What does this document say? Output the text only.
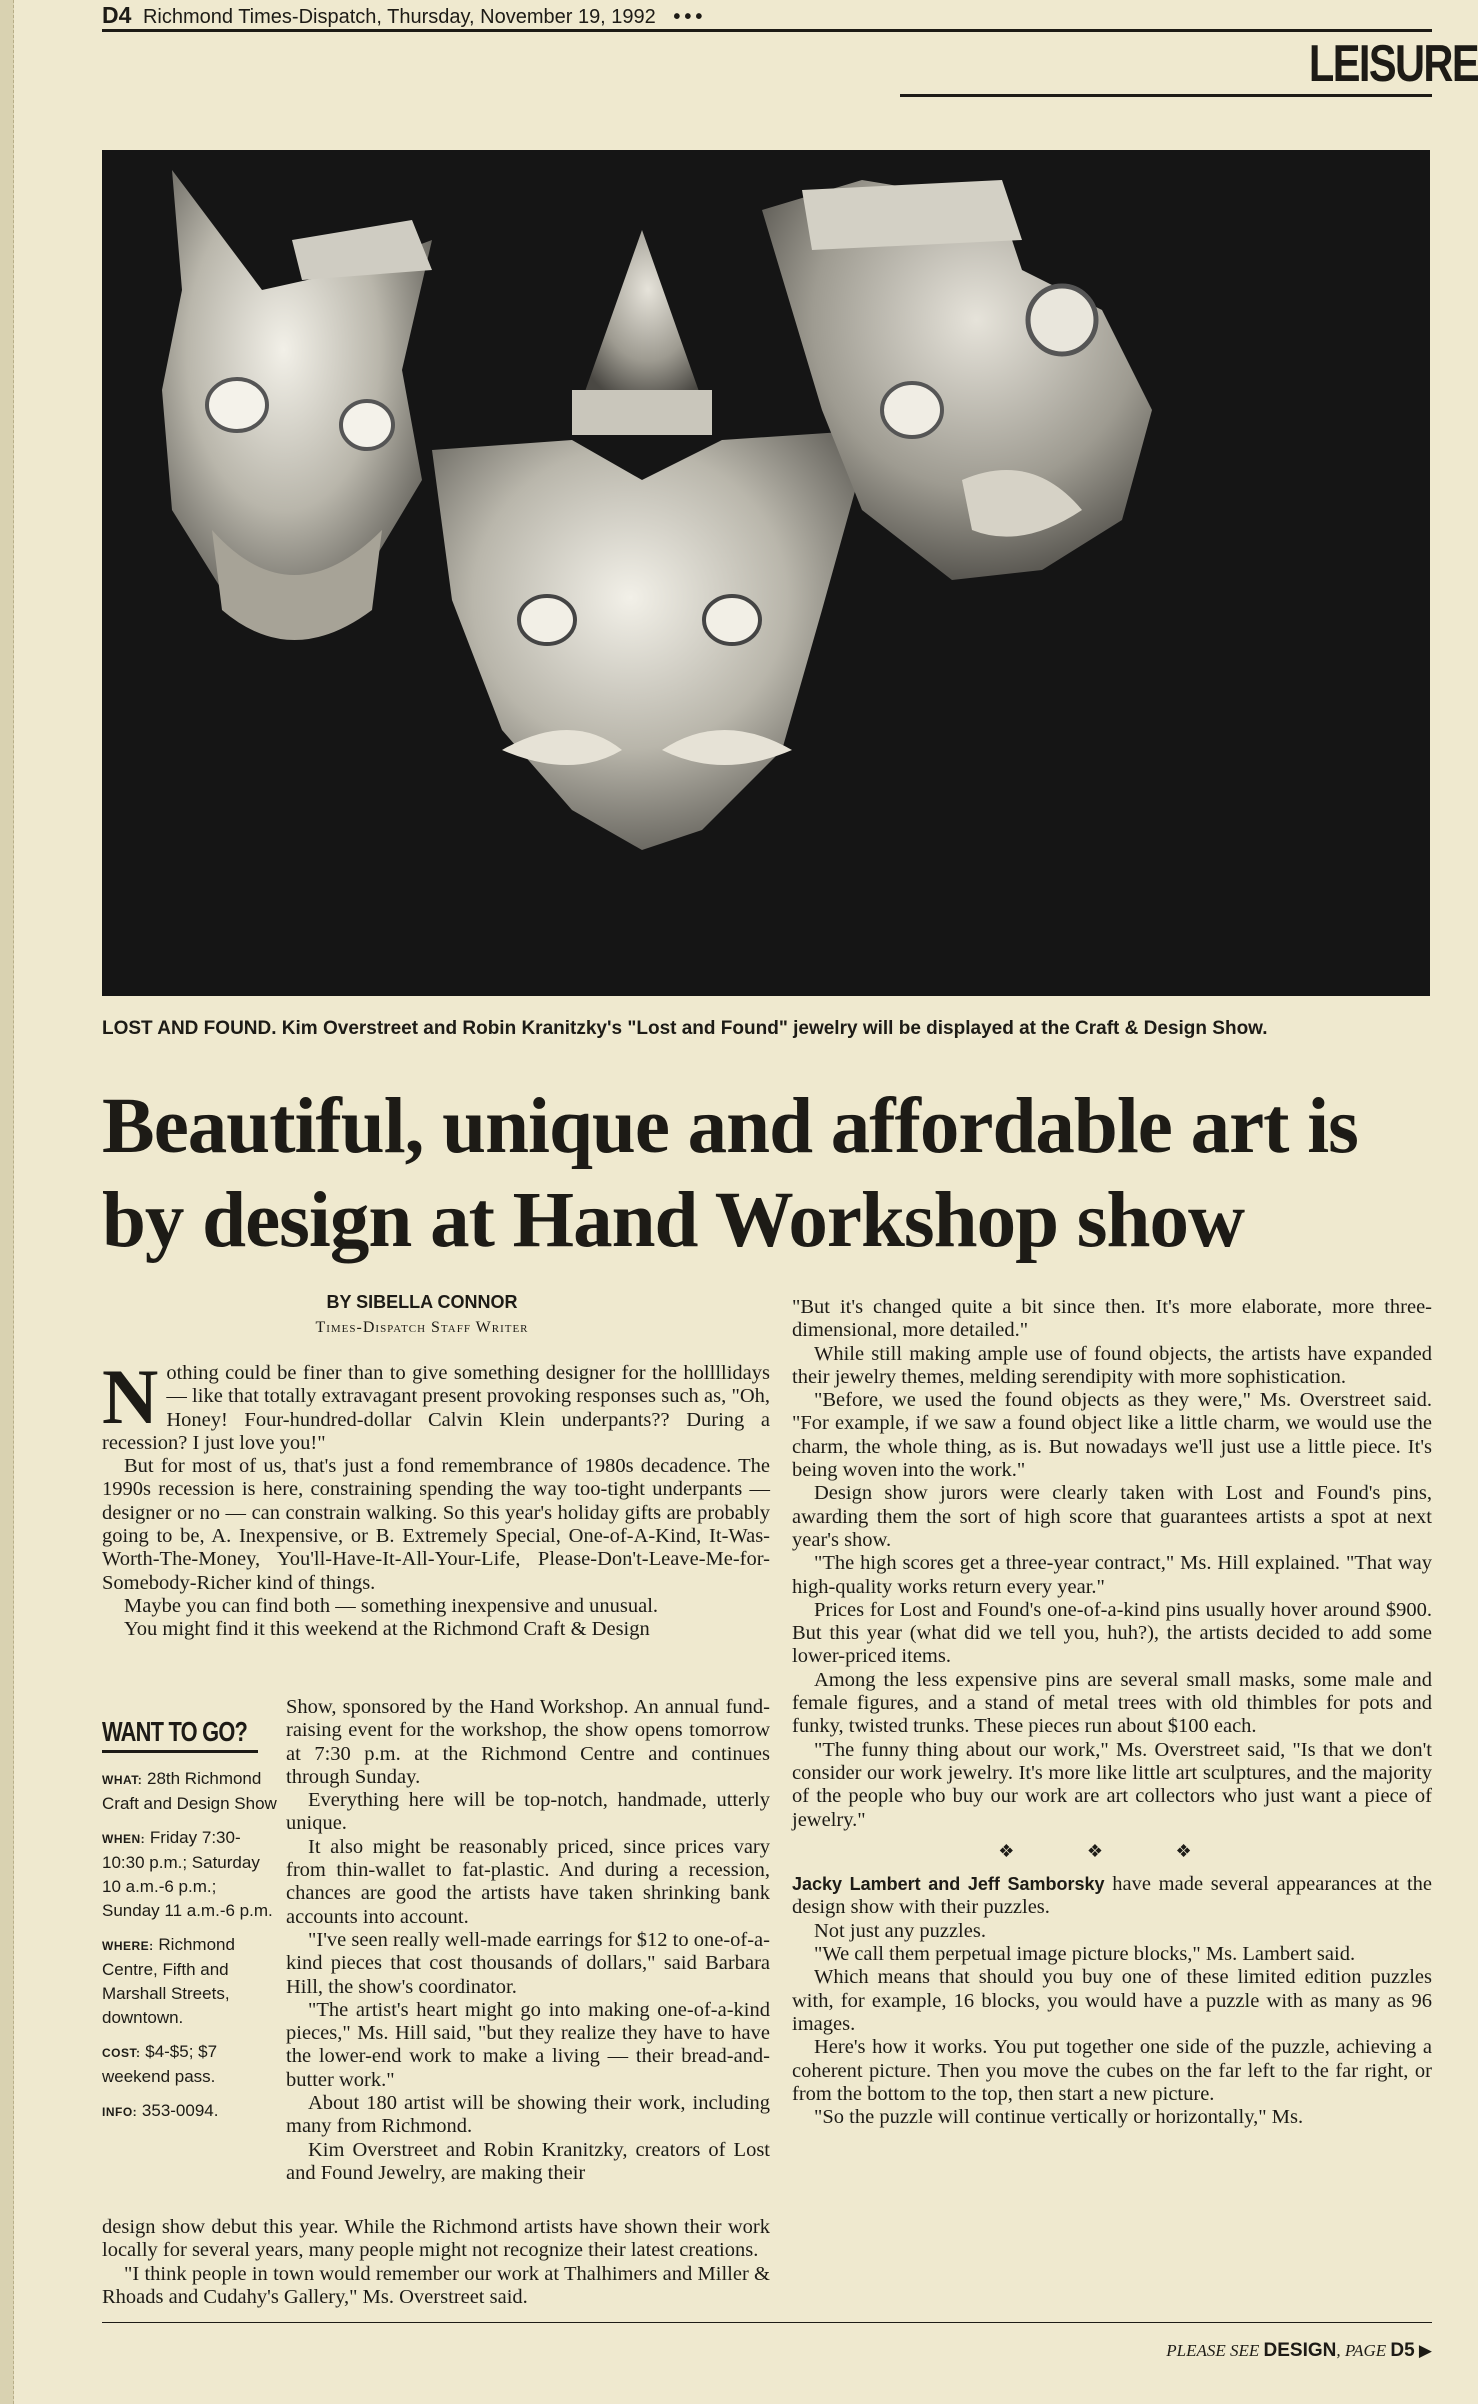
D4 Richmond Times-Dispatch, Thursday, November 19, 1992 •••
LEISURE
LOST AND FOUND. Kim Overstreet and Robin Kranitzky's "Lost and Found" jewelry will be displayed at the Craft & Design Show.
Beautiful, unique and affordable art is by design at Hand Workshop show
BY SIBELLA CONNOR
Times-Dispatch Staff Writer
N othing could be finer than to give something designer for the hollllidays — like that totally extravagant present provoking responses such as, "Oh, Honey! Four-hundred-dollar Calvin Klein underpants?? During a recession? I just love you!"

But for most of us, that's just a fond remembrance of 1980s decadence. The 1990s recession is here, constraining spending the way too-tight underpants — designer or no — can constrain walking. So this year's holiday gifts are probably going to be, A. Inexpensive, or B. Extremely Special, One-of-A-Kind, It-Was-Worth-The-Money, You'll-Have-It-All-Your-Life, Please-Don't-Leave-Me-for-Somebody-Richer kind of things.

Maybe you can find both — something inexpensive and unusual.

You might find it this weekend at the Richmond Craft & Design

WANT TO GO?
WHAT: 28th Richmond Craft and Design Show
WHEN: Friday 7:30-10:30 p.m.; Saturday 10 a.m.-6 p.m.; Sunday 11 a.m.-6 p.m.
WHERE: Richmond Centre, Fifth and Marshall Streets, downtown.
COST: $4-$5; $7 weekend pass.
INFO: 353-0094.

Show, sponsored by the Hand Workshop. An annual fund-raising event for the workshop, the show opens tomorrow at 7:30 p.m. at the Richmond Centre and continues through Sunday.

Everything here will be top-notch, handmade, utterly unique.

It also might be reasonably priced, since prices vary from thin-wallet to fat-plastic. And during a recession, chances are good the artists have taken shrinking bank accounts into account.

"I've seen really well-made earrings for $12 to one-of-a-kind pieces that cost thousands of dollars," said Barbara Hill, the show's coordinator.

"The artist's heart might go into making one-of-a-kind pieces," Ms. Hill said, "but they realize they have to have the lower-end work to make a living — their bread-and-butter work."

About 180 artist will be showing their work, including many from Richmond.

Kim Overstreet and Robin Kranitzky, creators of Lost and Found Jewelry, are making their

design show debut this year. While the Richmond artists have shown their work locally for several years, many people might not recognize their latest creations.

"I think people in town would remember our work at Thalhimers and Miller & Rhoads and Cudahy's Gallery," Ms. Overstreet said.

"But it's changed quite a bit since then. It's more elaborate, more three-dimensional, more detailed."

While still making ample use of found objects, the artists have expanded their jewelry themes, melding serendipity with more sophistication.

"Before, we used the found objects as they were," Ms. Overstreet said. "For example, if we saw a found object like a little charm, we would use the charm, the whole thing, as is. But nowadays we'll just use a little piece. It's being woven into the work."

Design show jurors were clearly taken with Lost and Found's pins, awarding them the sort of high score that guarantees artists a spot at next year's show.

"The high scores get a three-year contract," Ms. Hill explained. "That way high-quality works return every year."

Prices for Lost and Found's one-of-a-kind pins usually hover around $900. But this year (what did we tell you, huh?), the artists decided to add some lower-priced items.

Among the less expensive pins are several small masks, some male and female figures, and a stand of metal trees with old thimbles for pots and funky, twisted trunks. These pieces run about $100 each.

"The funny thing about our work," Ms. Overstreet said, "Is that we don't consider our work jewelry. It's more like little art sculptures, and the majority of the people who buy our work are art collectors who just want a piece of jewelry."

❖ ❖ ❖

Jacky Lambert and Jeff Samborsky have made several appearances at the design show with their puzzles.

Not just any puzzles.

"We call them perpetual image picture blocks," Ms. Lambert said.

Which means that should you buy one of these limited edition puzzles with, for example, 16 blocks, you would have a puzzle with as many as 96 images.

Here's how it works. You put together one side of the puzzle, achieving a coherent picture. Then you move the cubes on the far left to the far right, or from the bottom to the top, then start a new picture.

"So the puzzle will continue vertically or horizontally," Ms.

PLEASE SEE DESIGN, PAGE D5 ▶
